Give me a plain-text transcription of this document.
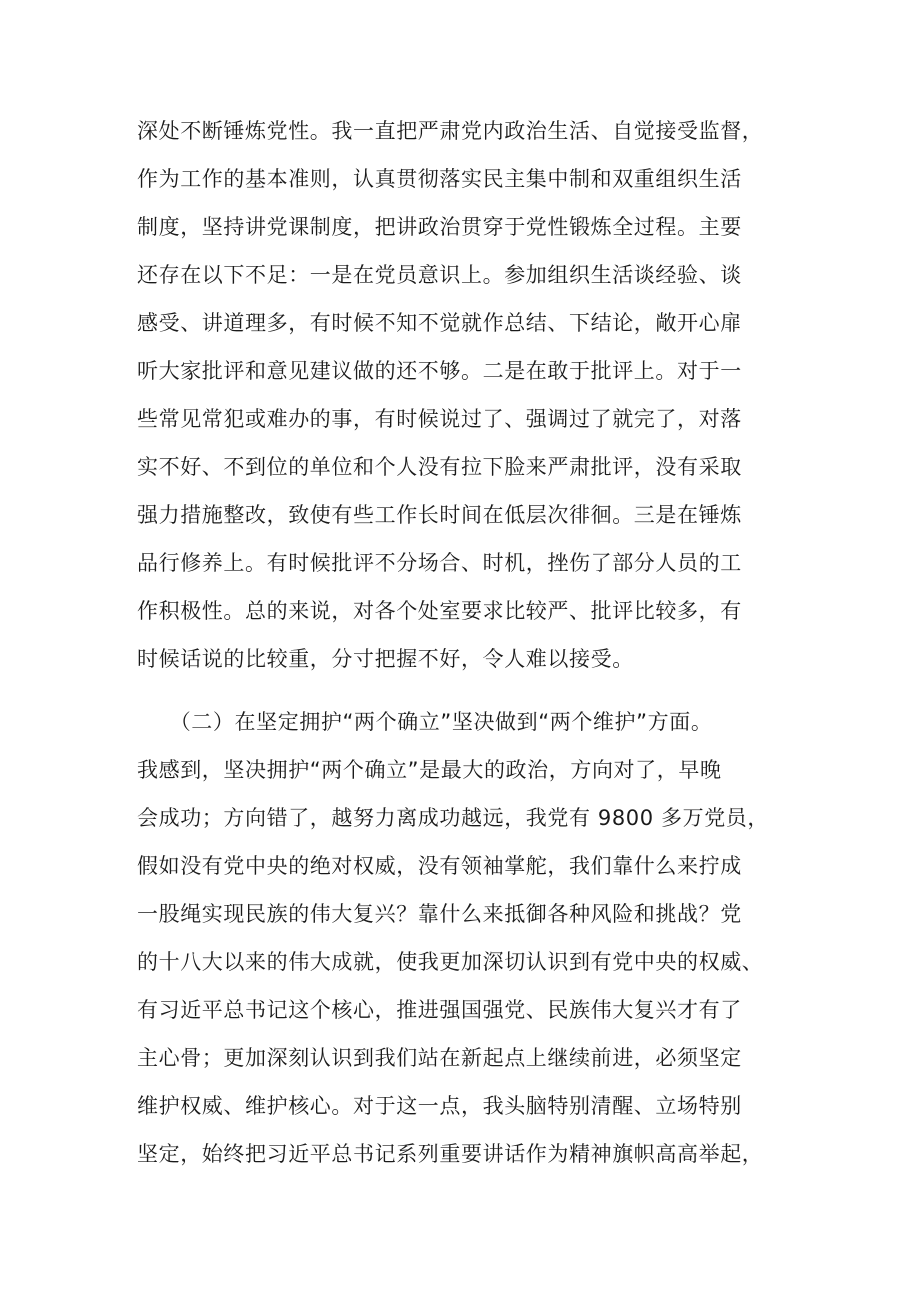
深处不断锤炼党性。我一直把严肃党内政治生活、自觉接受监督，
作为工作的基本准则，认真贯彻落实民主集中制和双重组织生活
制度，坚持讲党课制度，把讲政治贯穿于党性锻炼全过程。主要
还存在以下不足：一是在党员意识上。参加组织生活谈经验、谈
感受、讲道理多，有时候不知不觉就作总结、下结论，敞开心扉
听大家批评和意见建议做的还不够。二是在敢于批评上。对于一
些常见常犯或难办的事，有时候说过了、强调过了就完了，对落
实不好、不到位的单位和个人没有拉下脸来严肃批评，没有采取
强力措施整改，致使有些工作长时间在低层次徘徊。三是在锤炼
品行修养上。有时候批评不分场合、时机，挫伤了部分人员的工
作积极性。总的来说，对各个处室要求比较严、批评比较多，有
时候话说的比较重，分寸把握不好，令人难以接受。
　　（二）在坚定拥护“两个确立”坚决做到“两个维护”方面。
我感到，坚决拥护“两个确立”是最大的政治，方向对了，早晚
会成功；方向错了，越努力离成功越远，我党有 9800 多万党员，
假如没有党中央的绝对权威，没有领袖掌舵，我们靠什么来拧成
一股绳实现民族的伟大复兴？靠什么来抵御各种风险和挑战？党
的十八大以来的伟大成就，使我更加深切认识到有党中央的权威、
有习近平总书记这个核心，推进强国强党、民族伟大复兴才有了
主心骨；更加深刻认识到我们站在新起点上继续前进，必须坚定
维护权威、维护核心。对于这一点，我头脑特别清醒、立场特别
坚定，始终把习近平总书记系列重要讲话作为精神旗帜高高举起，
